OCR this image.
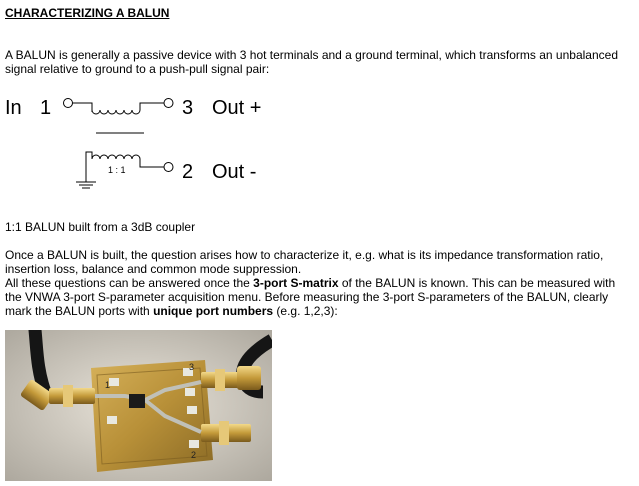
CHARACTERIZING A BALUN

A BALUN is generally a passive device with 3 hot terminals and a ground terminal, which transforms an unbalanced signal relative to ground to a push-pull signal pair:

In 1	3 Out +
1 : 1	2 Out -

1:1 BALUN built from a 3dB coupler

Once a BALUN is built, the question arises how to characterize it, e.g. what is its impedance transformation ratio, insertion loss, balance and common mode suppression.

All these questions can be answered once the 3-port S-matrix of the BALUN is known. This can be measured with the VNWA 3-port S-parameter acquisition menu. Before measuring the 3-port S-parameters of the BALUN, clearly mark the BALUN ports with unique port numbers (e.g. 1,2,3):

1
3
2
